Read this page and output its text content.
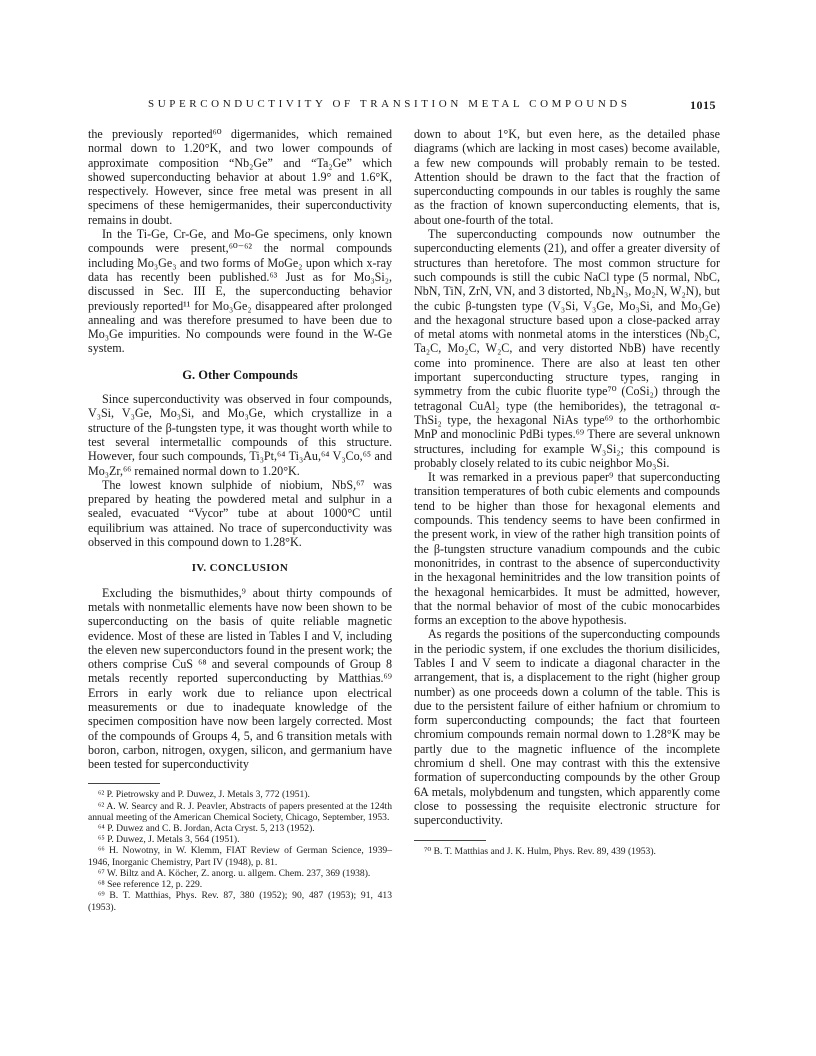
SUPERCONDUCTIVITY OF TRANSITION METAL COMPOUNDS	1015

the previously reported⁶⁰ digermanides, which remained normal down to 1.20°K, and two lower compounds of approximate composition “Nb₂Ge” and “Ta₂Ge” which showed superconducting behavior at about 1.9° and 1.6°K, respectively. However, since free metal was present in all specimens of these hemigermanides, their superconductivity remains in doubt.

In the Ti-Ge, Cr-Ge, and Mo-Ge specimens, only known compounds were present,⁶⁰⁻⁶² the normal compounds including Mo₃Ge₃ and two forms of MoGe₂ upon which x-ray data has recently been published.⁶³ Just as for Mo₃Si₂, discussed in Sec. III E, the superconducting behavior previously reported¹¹ for Mo₃Ge₂ disappeared after prolonged annealing and was therefore presumed to have been due to Mo₃Ge impurities. No compounds were found in the W-Ge system.

G. Other Compounds

Since superconductivity was observed in four compounds, V₃Si, V₃Ge, Mo₃Si, and Mo₃Ge, which crystallize in a structure of the β-tungsten type, it was thought worth while to test several intermetallic compounds of this structure. However, four such compounds, Ti₃Pt,⁶⁴ Ti₃Au,⁶⁴ V₃Co,⁶⁵ and Mo₃Zr,⁶⁶ remained normal down to 1.20°K.

The lowest known sulphide of niobium, NbS,⁶⁷ was prepared by heating the powdered metal and sulphur in a sealed, evacuated “Vycor” tube at about 1000°C until equilibrium was attained. No trace of superconductivity was observed in this compound down to 1.28°K.

IV. CONCLUSION

Excluding the bismuthides,⁹ about thirty compounds of metals with nonmetallic elements have now been shown to be superconducting on the basis of quite reliable magnetic evidence. Most of these are listed in Tables I and V, including the eleven new superconductors found in the present work; the others comprise CuS ⁶⁸ and several compounds of Group 8 metals recently reported superconducting by Matthias.⁶⁹ Errors in early work due to reliance upon electrical measurements or due to inadequate knowledge of the specimen composition have now been largely corrected. Most of the compounds of Groups 4, 5, and 6 transition metals with boron, carbon, nitrogen, oxygen, silicon, and germanium have been tested for superconductivity

⁶² P. Pietrowsky and P. Duwez, J. Metals 3, 772 (1951).

⁶² A. W. Searcy and R. J. Peavler, Abstracts of papers presented at the 124th annual meeting of the American Chemical Society, Chicago, September, 1953.

⁶⁴ P. Duwez and C. B. Jordan, Acta Cryst. 5, 213 (1952).

⁶⁵ P. Duwez, J. Metals 3, 564 (1951).

⁶⁶ H. Nowotny, in W. Klemm, FIAT Review of German Science, 1939–1946, Inorganic Chemistry, Part IV (1948), p. 81.

⁶⁷ W. Biltz and A. Köcher, Z. anorg. u. allgem. Chem. 237, 369 (1938).

⁶⁸ See reference 12, p. 229.

⁶⁹ B. T. Matthias, Phys. Rev. 87, 380 (1952); 90, 487 (1953); 91, 413 (1953).

down to about 1°K, but even here, as the detailed phase diagrams (which are lacking in most cases) become available, a few new compounds will probably remain to be tested. Attention should be drawn to the fact that the fraction of superconducting compounds in our tables is roughly the same as the fraction of known superconducting elements, that is, about one-fourth of the total.

The superconducting compounds now outnumber the superconducting elements (21), and offer a greater diversity of structures than heretofore. The most common structure for such compounds is still the cubic NaCl type (5 normal, NbC, NbN, TiN, ZrN, VN, and 3 distorted, Nb₄N₃, Mo₂N, W₂N), but the cubic β-tungsten type (V₃Si, V₃Ge, Mo₃Si, and Mo₃Ge) and the hexagonal structure based upon a close-packed array of metal atoms with nonmetal atoms in the interstices (Nb₂C, Ta₂C, Mo₂C, W₂C, and very distorted NbB) have recently come into prominence. There are also at least ten other important superconducting structure types, ranging in symmetry from the cubic fluorite type⁷⁰ (CoSi₂) through the tetragonal CuAl₂ type (the hemiborides), the tetragonal α-ThSi₂ type, the hexagonal NiAs type⁶⁹ to the orthorhombic MnP and monoclinic PdBi types.⁶⁹ There are several unknown structures, including for example W₃Si₂; this compound is probably closely related to its cubic neighbor Mo₃Si.

It was remarked in a previous paper⁹ that superconducting transition temperatures of both cubic elements and compounds tend to be higher than those for hexagonal elements and compounds. This tendency seems to have been confirmed in the present work, in view of the rather high transition points of the β-tungsten structure vanadium compounds and the cubic mononitrides, in contrast to the absence of superconductivity in the hexagonal heminitrides and the low transition points of the hexagonal hemicarbides. It must be admitted, however, that the normal behavior of most of the cubic monocarbides forms an exception to the above hypothesis.

As regards the positions of the superconducting compounds in the periodic system, if one excludes the thorium disilicides, Tables I and V seem to indicate a diagonal character in the arrangement, that is, a displacement to the right (higher group number) as one proceeds down a column of the table. This is due to the persistent failure of either hafnium or chromium to form superconducting compounds; the fact that fourteen chromium compounds remain normal down to 1.28°K may be partly due to the magnetic influence of the incomplete chromium d shell. One may contrast with this the extensive formation of superconducting compounds by the other Group 6A metals, molybdenum and tungsten, which apparently come close to possessing the requisite electronic structure for superconductivity.

⁷⁰ B. T. Matthias and J. K. Hulm, Phys. Rev. 89, 439 (1953).
